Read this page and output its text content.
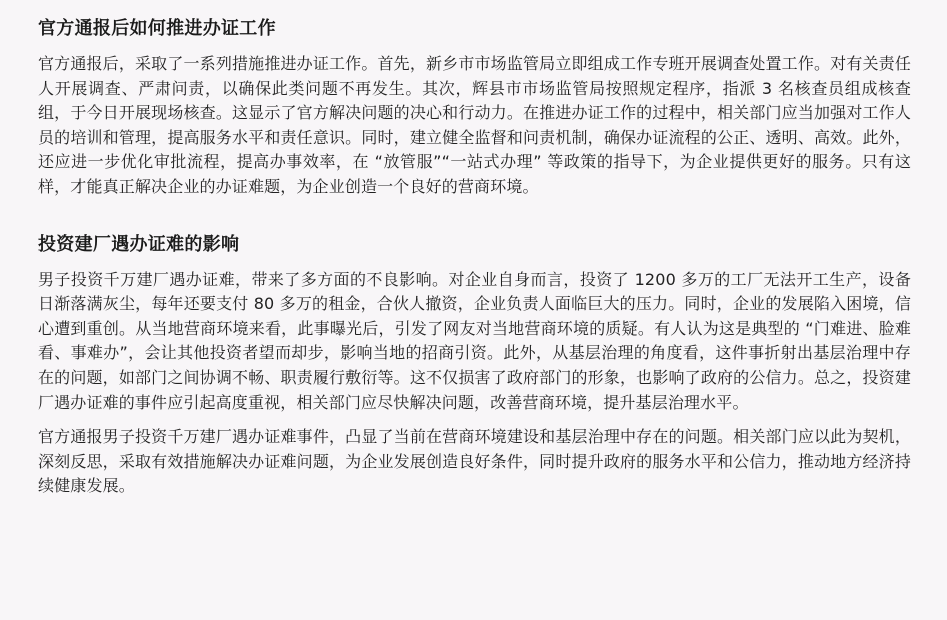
官方通报后如何推进办证工作

官方通报后，采取了一系列措施推进办证工作。首先，新乡市市场监管局立即组成工作专班开展调查处置工作。对有关责任人开展调查、严肃问责，以确保此类问题不再发生。其次，辉县市市场监管局按照规定程序，指派 3 名核查员组成核查组，于今日开展现场核查。这显示了官方解决问题的决心和行动力。在推进办证工作的过程中，相关部门应当加强对工作人员的培训和管理，提高服务水平和责任意识。同时，建立健全监督和问责机制，确保办证流程的公正、透明、高效。此外，还应进一步优化审批流程，提高办事效率，在 “放管服”“一站式办理” 等政策的指导下，为企业提供更好的服务。只有这样，才能真正解决企业的办证难题，为企业创造一个良好的营商环境。

投资建厂遇办证难的影响

男子投资千万建厂遇办证难，带来了多方面的不良影响。对企业自身而言，投资了 1200 多万的工厂无法开工生产，设备日渐落满灰尘，每年还要支付 80 多万的租金，合伙人撤资，企业负责人面临巨大的压力。同时，企业的发展陷入困境，信心遭到重创。从当地营商环境来看，此事曝光后，引发了网友对当地营商环境的质疑。有人认为这是典型的 “门难进、脸难看、事难办”，会让其他投资者望而却步，影响当地的招商引资。此外，从基层治理的角度看，这件事折射出基层治理中存在的问题，如部门之间协调不畅、职责履行敷衍等。这不仅损害了政府部门的形象，也影响了政府的公信力。总之，投资建厂遇办证难的事件应引起高度重视，相关部门应尽快解决问题，改善营商环境，提升基层治理水平。

官方通报男子投资千万建厂遇办证难事件，凸显了当前在营商环境建设和基层治理中存在的问题。相关部门应以此为契机，深刻反思，采取有效措施解决办证难问题，为企业发展创造良好条件，同时提升政府的服务水平和公信力，推动地方经济持续健康发展。
